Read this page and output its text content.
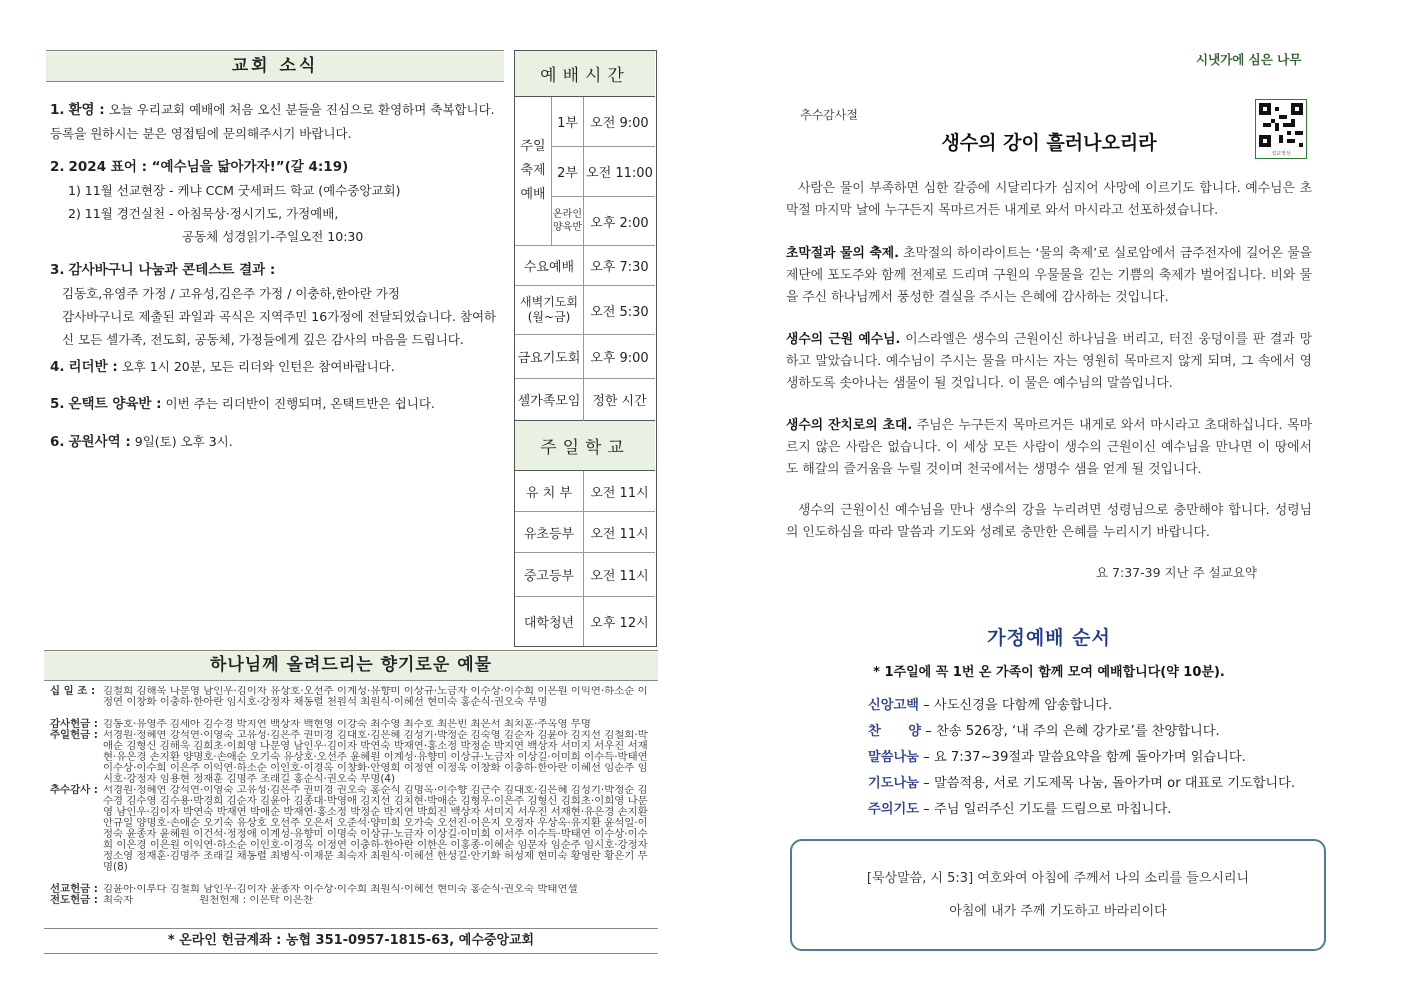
교회 소식
1. 환영 : 오늘 우리교회 예배에 처음 오신 분들을 진심으로 환영하며 축복합니다. 등록을 원하시는 분은 영접팀에 문의해주시기 바랍니다.
2. 2024 표어 : “예수님을 닮아가자!”(갈 4:19)
1) 11월 선교현장 - 케냐 CCM 굿세퍼드 학교 (예수중앙교회)
2) 11월 경건실천 - 아침묵상·정시기도, 가정예배,
공동체 성경읽기-주일오전 10:30
3. 감사바구니 나눔과 콘테스트 결과 :
김동호,유영주 가정 / 고유성,김은주 가정 / 이충하,한아란 가정
감사바구니로 제출된 과일과 곡식은 지역주민 16가정에 전달되었습니다. 참여하신 모든 셀가족, 전도회, 공동체, 가정들에게 깊은 감사의 마음을 드립니다.
4. 리더반 : 오후 1시 20분, 모든 리더와 인턴은 참여바랍니다.
5. 온택트 양육반 : 이번 주는 리더반이 진행되며, 온택트반은 쉽니다.
6. 공원사역 : 9일(토) 오후 3시.
예배시간
주일 축제 예배
1부 오전 9:00
2부 오전 11:00
온라인 양육반 오후 2:00
수요예배 오후 7:30
새벽기도회 (월~금)	오전 5:30
금요기도회 오후 9:00
셀가족모임 정한 시간
주일학교
유 치 부 오전 11시
유초등부 오전 11시
중고등부 오전 11시
대학청년 오후 12시
하나님께 올려드리는 향기로운 예물
십 일 조 : 김철희 김해욱 나문영 남인우·김이자 유상호·오선주 이계성·유향미 이상규·노금자 이수상·이수희 이은원 이익연·하소순 이정연 이창화 이충하·한아란 임시호·강정자 채동렬 천원석 최원식·이혜선 현미숙 홍순식·권오숙 무명
감사헌금 : 김동호·유영주 김세아 김수경 박지연 백상자 백현영 이강숙 최수영 최수호 최은빈 최은서 최치훈·주옥영 무명
주일헌금 : 서경원·정혜연 강석연·이영숙 고유성·김은주 권미경 김대호·김은혜 김성기·박정순 김숙영 김순자 김윤아 김지선 김철희·박애순 김형신 김해욱 김희초·이희영 나문영 남인우·김이자 박연숙 박재연·홍소정 박정순 박지연 백상자 서미지 서우진 서재현·유은경 손지환 양명호·손애순 오기숙 유상호·오선주 윤혜원 이계성·유향미 이상규·노금자 이상길·이미희 이수득·박태연 이수상·이수희 이은주 이익연·하소순 이인호·이경옥 이창화·안영희 이정연 이정욱 이창화 이충하·한아란 이혜선 임순주 임시호·강정자 임용현 정재훈 김명주 조래길 홍순식·권오숙 무명(4)
추수감사 : 서경원·정혜연 강석연·이영숙 고유성·김은주 권미경 권오숙 홍순식 김명옥·이수향 김근수 김대호·김은혜 김성기·박정순 김수경 김수영 김수용·박경희 김순자 김윤아 김종대·박영애 김지선 김치현·박애순 김형우·이은주 김형신 김희초·이희영 나문영 남인우·김이자 박연숙 박재연 박애순 박재연·홍소정 박정순 박지연 박희진 백상자 서미지 서우진 서재현·유은경 손지환 안규일 양명호·손애순 오기숙 유상호 오선주 오은서 오준석·양미희 오가숙 오선진·이은지 오정자 우상옥·유지환 윤석일·이정숙 윤종자 윤혜원 이건석·정정애 이계성·유향미 이명숙 이상규·노금자 이상길·이미희 이서주 이수득·박태연 이수상·이수희 이은경 이은원 이익연·하소순 이인호·이경옥 이정연 이충하·한아란 이한은 이홍종·이혜순 임문자 임순주 임시호·강정자 정소영 정재훈·김명주 조래길 채동렬 최병식·이재문 최숙자 최원식·이혜선 한성길·안기화 허성제 현미숙 황영란 황은기 무명(8)
선교헌금 : 김윤아·이루다 김철희 남인우·김이자 윤종자 이수상·이수희 최원식·이혜선 현미숙 홍순식·권오숙 박태연셀
전도헌금 : 최숙자                    원천헌제 : 이은탁 이은찬
* 온라인 헌금계좌 : 농협 351-0957-1815-63, 예수중앙교회
시냇가에 심은 나무
추수감사절
생수의 강이 흘러나오리라	설교영상
사람은 물이 부족하면 심한 갈증에 시달리다가 심지어 사망에 이르기도 합니다. 예수님은 초막절 마지막 날에 누구든지 목마르거든 내게로 와서 마시라고 선포하셨습니다.
초막절과 물의 축제. 초막절의 하이라이트는 ‘물의 축제’로 실로암에서 금주전자에 길어온 물을 제단에 포도주와 함께 전제로 드리며 구원의 우물물을 긷는 기쁨의 축제가 벌어집니다. 비와 물을 주신 하나님께서 풍성한 결실을 주시는 은혜에 감사하는 것입니다.
생수의 근원 예수님. 이스라엘은 생수의 근원이신 하나님을 버리고, 터진 웅덩이를 판 결과 망하고 말았습니다. 예수님이 주시는 물을 마시는 자는 영원히 목마르지 않게 되며, 그 속에서 영생하도록 솟아나는 샘물이 될 것입니다. 이 물은 예수님의 말씀입니다.
생수의 잔치로의 초대. 주님은 누구든지 목마르거든 내게로 와서 마시라고 초대하십니다. 목마르지 않은 사람은 없습니다. 이 세상 모든 사람이 생수의 근원이신 예수님을 만나면 이 땅에서도 해갈의 즐거움을 누릴 것이며 천국에서는 생명수 샘을 얻게 될 것입니다.
생수의 근원이신 예수님을 만나 생수의 강을 누리려면 성령님으로 충만해야 합니다. 성령님의 인도하심을 따라 말씀과 기도와 성례로 충만한 은혜를 누리시기 바랍니다.
요 7:37-39 지난 주 설교요약
가정예배 순서
* 1주일에 꼭 1번 온 가족이 함께 모여 예배합니다(약 10분).
신앙고백 – 사도신경을 다함께 암송합니다.
찬      양 – 찬송 526장, ‘내 주의 은혜 강가로’를 찬양합니다.
말씀나눔 – 요 7:37~39절과 말씀요약을 함께 돌아가며 읽습니다.
기도나눔 – 말씀적용, 서로 기도제목 나눔, 돌아가며 or 대표로 기도합니다.
주의기도 – 주님 일러주신 기도를 드림으로 마칩니다.
[묵상말씀, 시 5:3] 여호와여 아침에 주께서 나의 소리를 들으시리니
아침에 내가 주께 기도하고 바라리이다
